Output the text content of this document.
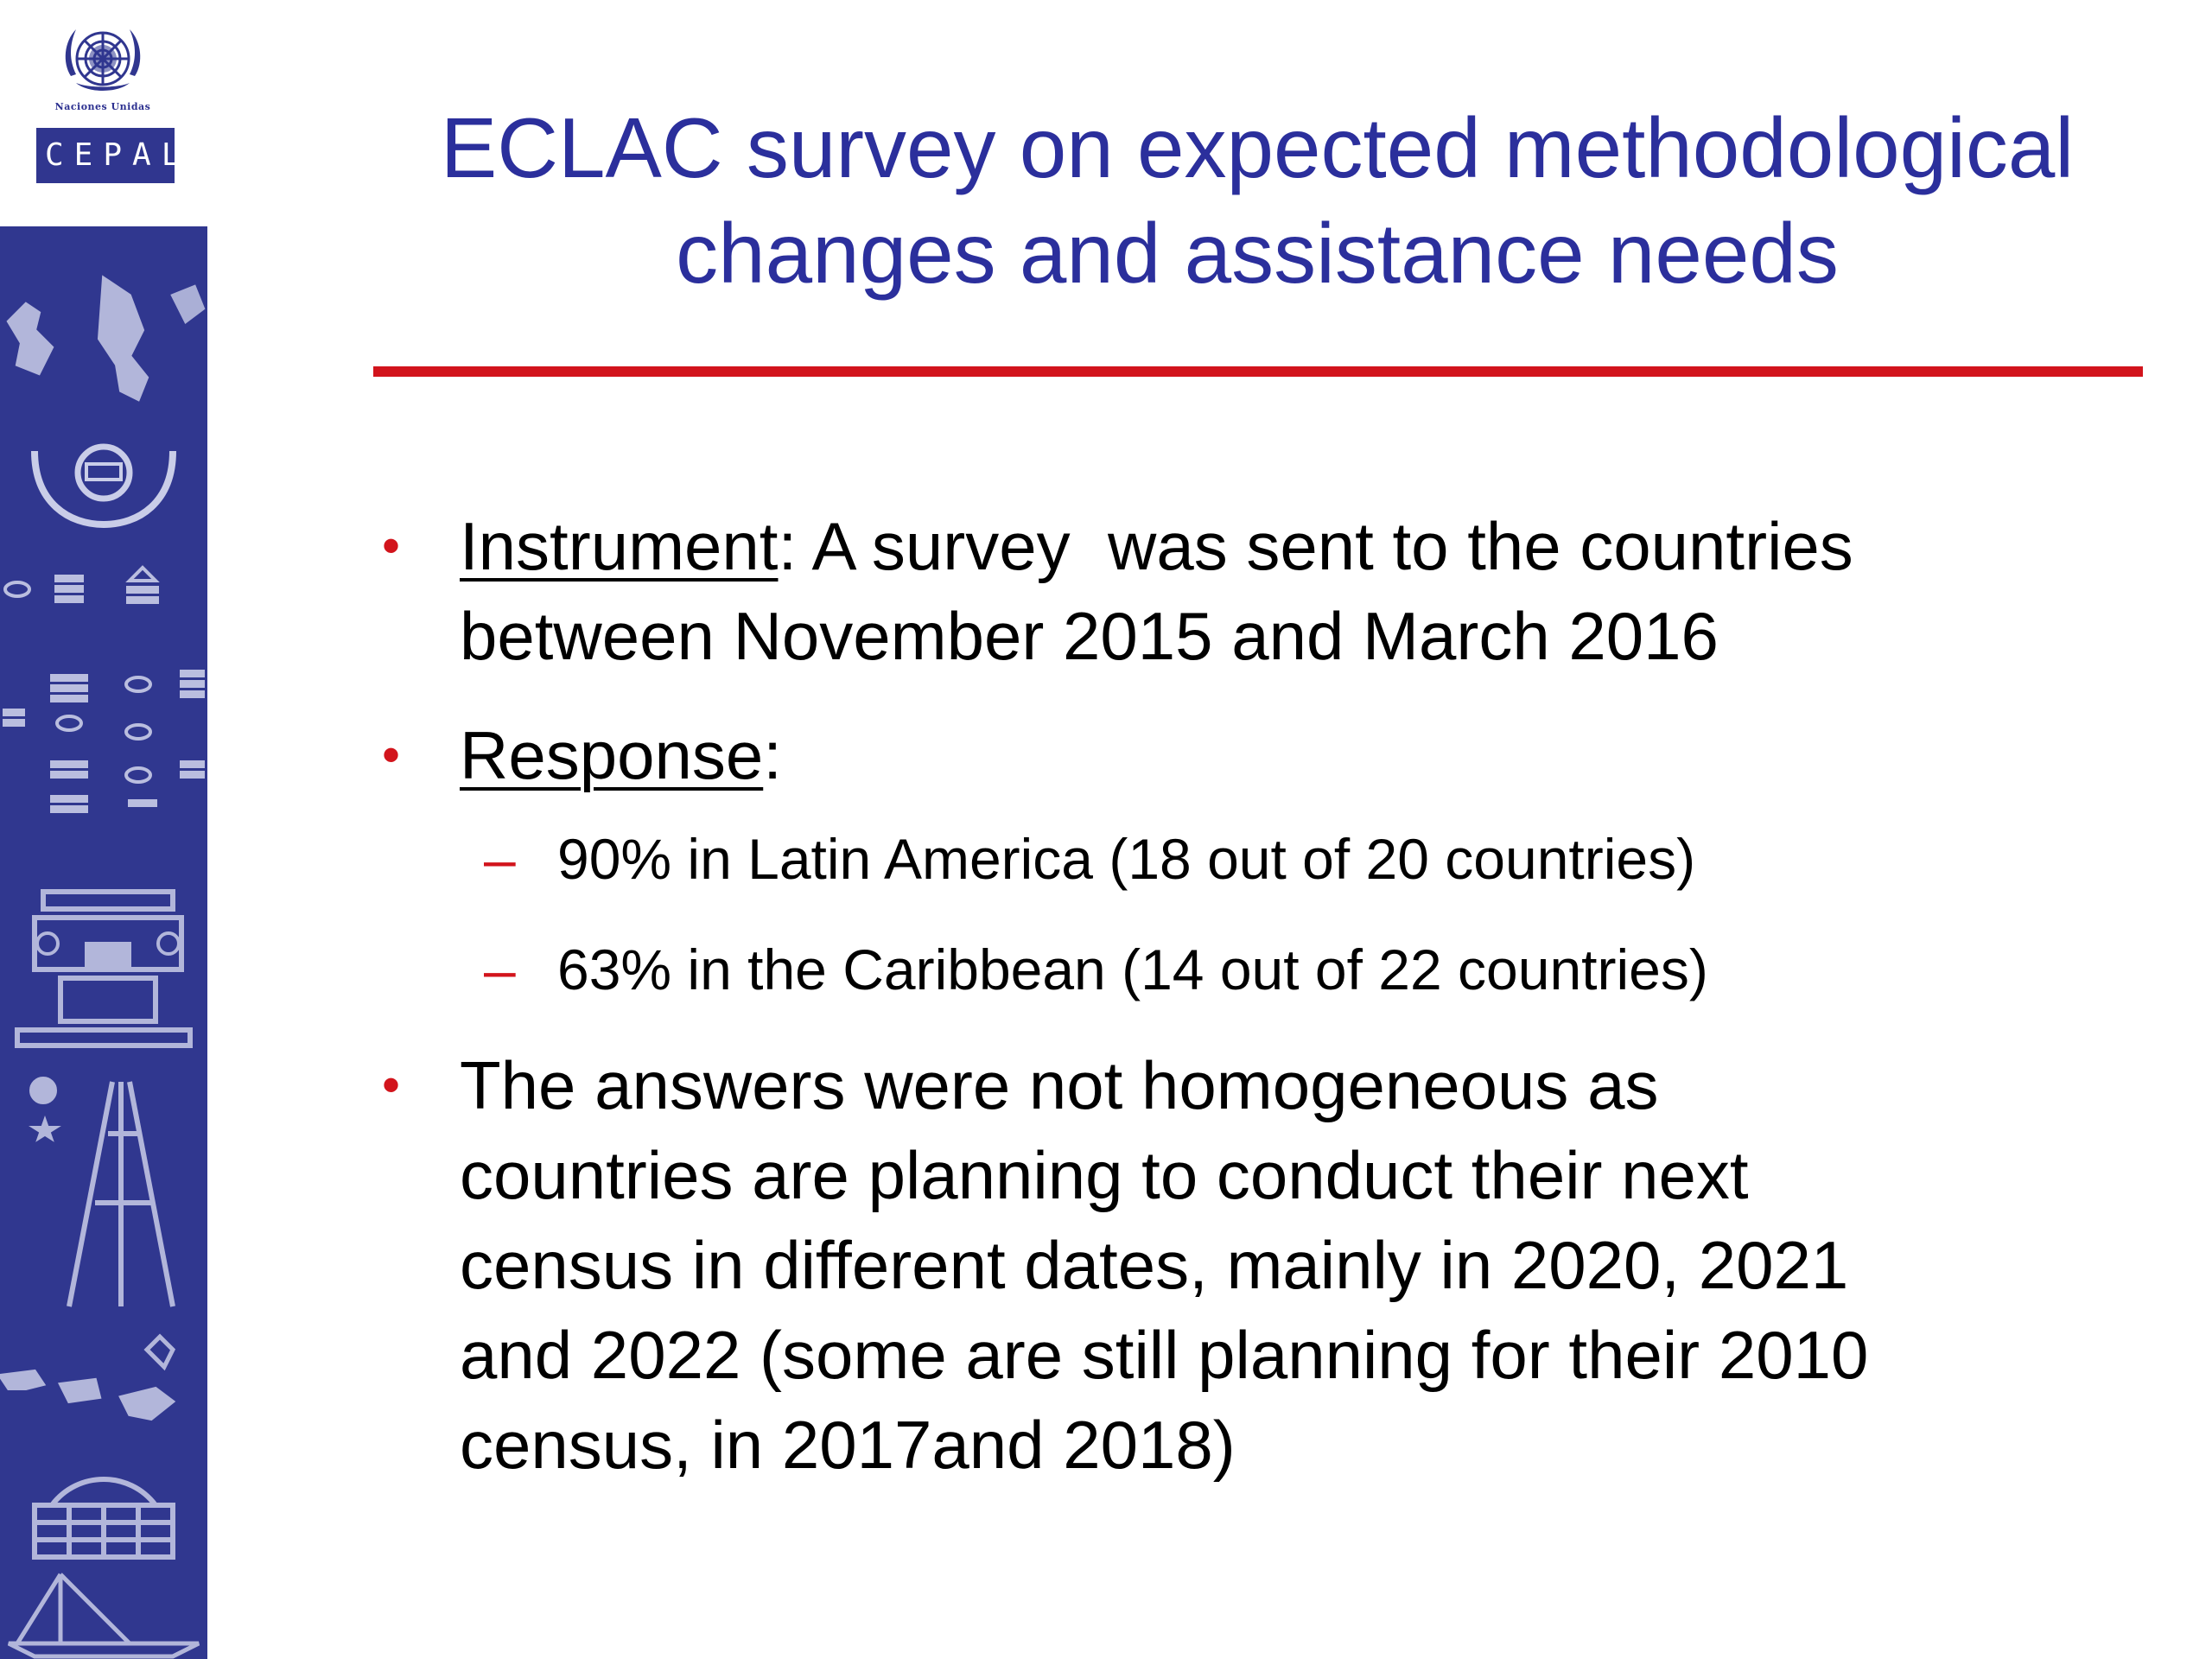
Naciones Unidas
CEPAL	ECLAC survey on expected methodological
changes and assistance needs
• Instrument: A survey  was sent to the countries
between November 2015 and March 2016
• Response:
– 90% in Latin America (18 out of 20 countries)
– 63% in the Caribbean (14 out of 22 countries)
• The answers were not homogeneous as
countries are planning to conduct their next
census in different dates, mainly in 2020, 2021
and 2022 (some are still planning for their 2010
census, in 2017and 2018)
